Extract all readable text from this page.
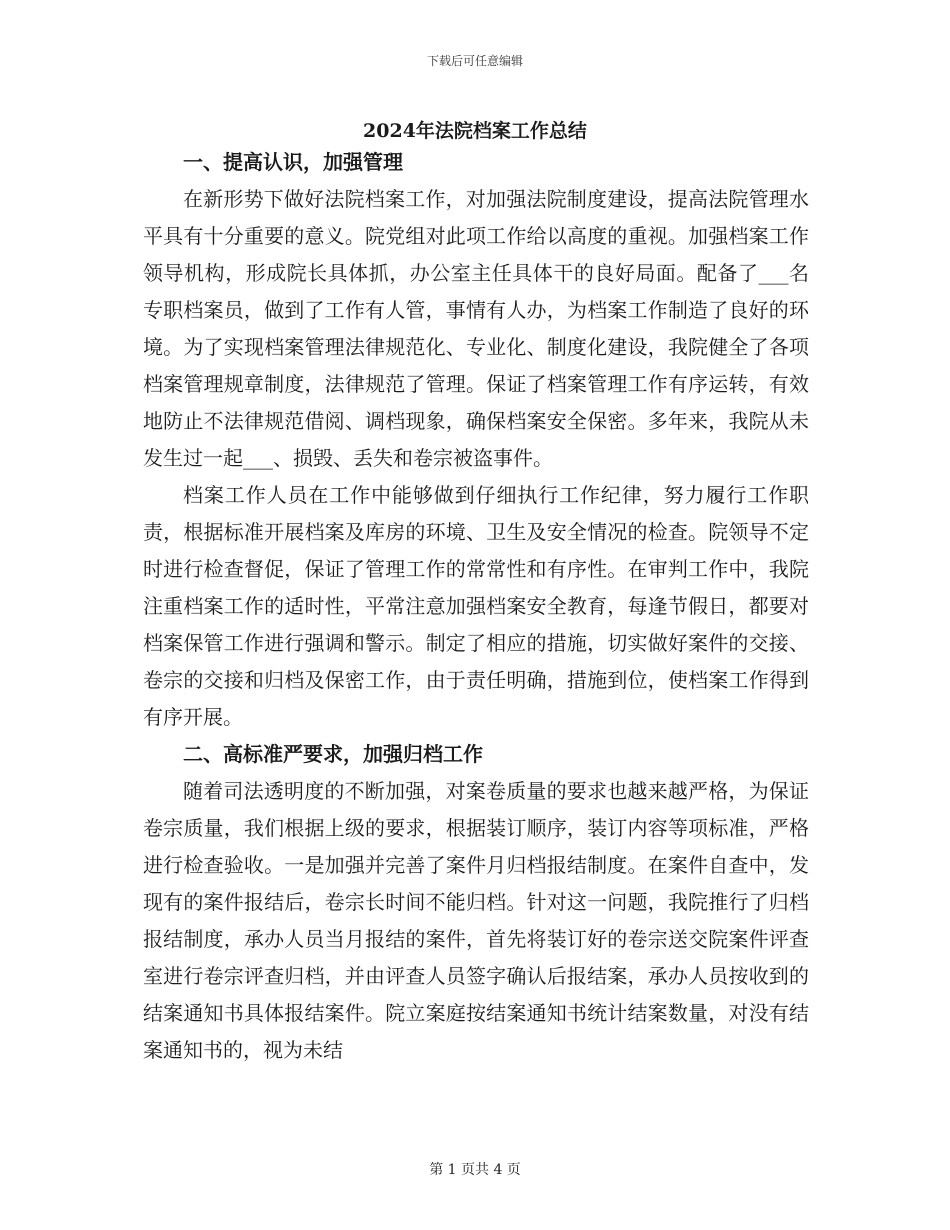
下载后可任意编辑
2024年法院档案工作总结
一、提高认识，加强管理

在新形势下做好法院档案工作，对加强法院制度建设，提高法院管理水平具有十分重要的意义。院党组对此项工作给以高度的重视。加强档案工作领导机构，形成院长具体抓，办公室主任具体干的良好局面。配备了___名专职档案员，做到了工作有人管，事情有人办，为档案工作制造了良好的环境。为了实现档案管理法律规范化、专业化、制度化建设，我院健全了各项档案管理规章制度，法律规范了管理。保证了档案管理工作有序运转，有效地防止不法律规范借阅、调档现象，确保档案安全保密。多年来，我院从未发生过一起___、损毁、丢失和卷宗被盗事件。

档案工作人员在工作中能够做到仔细执行工作纪律，努力履行工作职责，根据标准开展档案及库房的环境、卫生及安全情况的检查。院领导不定时进行检查督促，保证了管理工作的常常性和有序性。在审判工作中，我院注重档案工作的适时性，平常注意加强档案安全教育，每逢节假日，都要对档案保管工作进行强调和警示。制定了相应的措施，切实做好案件的交接、卷宗的交接和归档及保密工作，由于责任明确，措施到位，使档案工作得到有序开展。

二、高标准严要求，加强归档工作

随着司法透明度的不断加强，对案卷质量的要求也越来越严格，为保证卷宗质量，我们根据上级的要求，根据装订顺序，装订内容等项标准，严格进行检查验收。一是加强并完善了案件月归档报结制度。在案件自查中，发现有的案件报结后，卷宗长时间不能归档。针对这一问题，我院推行了归档报结制度，承办人员当月报结的案件，首先将装订好的卷宗送交院案件评查室进行卷宗评查归档，并由评查人员签字确认后报结案，承办人员按收到的结案通知书具体报结案件。院立案庭按结案通知书统计结案数量，对没有结案通知书的，视为未结

第 1 页共 4 页
